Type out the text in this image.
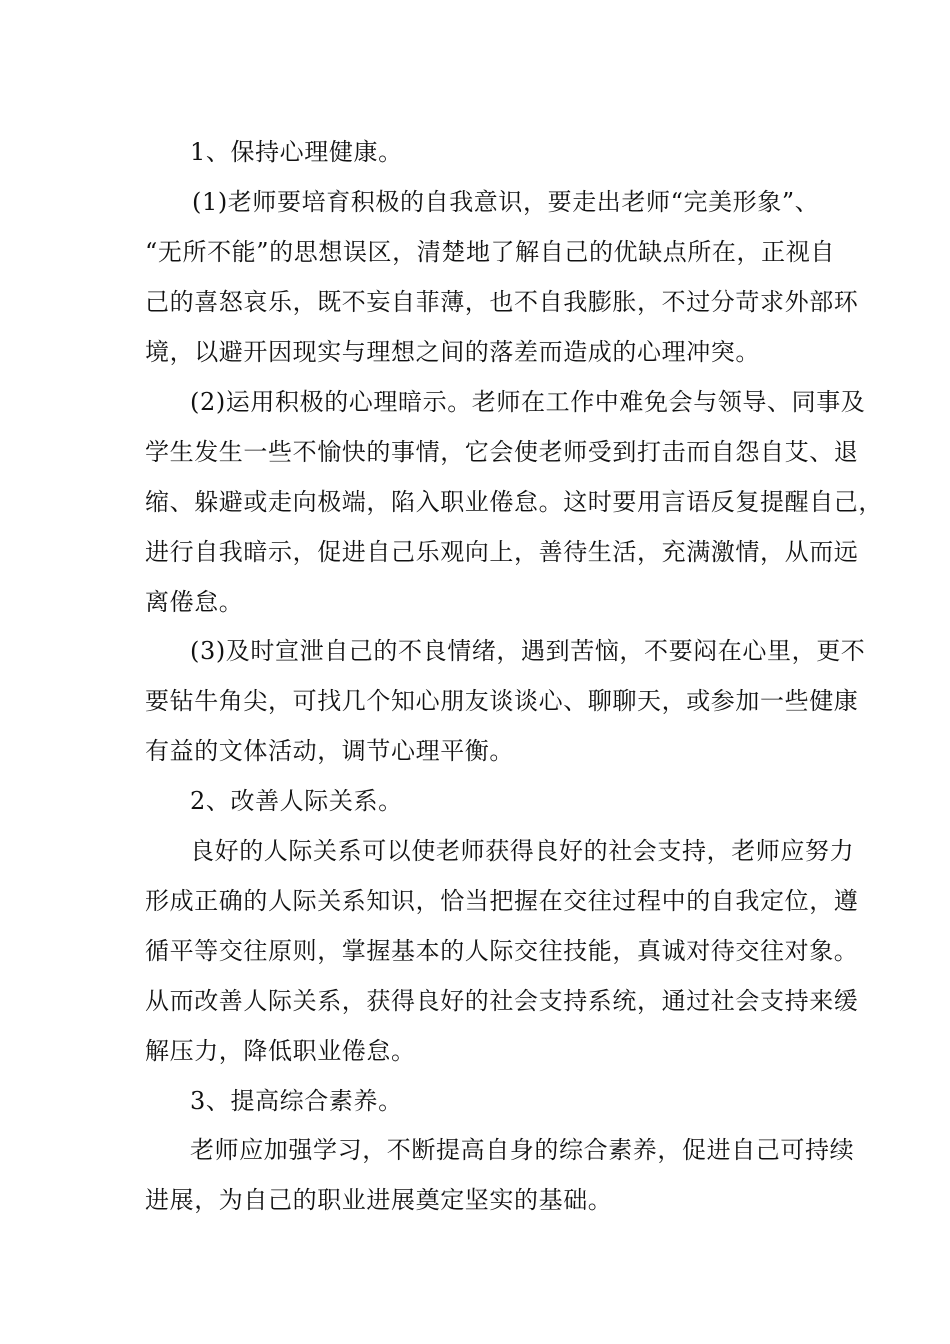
1、保持心理健康。

(1)老师要培育积极的自我意识，要走出老师“完美形象”、

“无所不能”的思想误区，清楚地了解自己的优缺点所在，正视自

己的喜怒哀乐，既不妄自菲薄，也不自我膨胀，不过分苛求外部环

境，以避开因现实与理想之间的落差而造成的心理冲突。

(2)运用积极的心理暗示。老师在工作中难免会与领导、同事及

学生发生一些不愉快的事情，它会使老师受到打击而自怨自艾、退

缩、躲避或走向极端，陷入职业倦怠。这时要用言语反复提醒自己，

进行自我暗示，促进自己乐观向上，善待生活，充满激情，从而远

离倦怠。

(3)及时宣泄自己的不良情绪，遇到苦恼，不要闷在心里，更不

要钻牛角尖，可找几个知心朋友谈谈心、聊聊天，或参加一些健康

有益的文体活动，调节心理平衡。

2、改善人际关系。

良好的人际关系可以使老师获得良好的社会支持，老师应努力

形成正确的人际关系知识，恰当把握在交往过程中的自我定位，遵

循平等交往原则，掌握基本的人际交往技能，真诚对待交往对象。

从而改善人际关系，获得良好的社会支持系统，通过社会支持来缓

解压力，降低职业倦怠。

3、提高综合素养。

老师应加强学习，不断提高自身的综合素养，促进自己可持续

进展，为自己的职业进展奠定坚实的基础。
